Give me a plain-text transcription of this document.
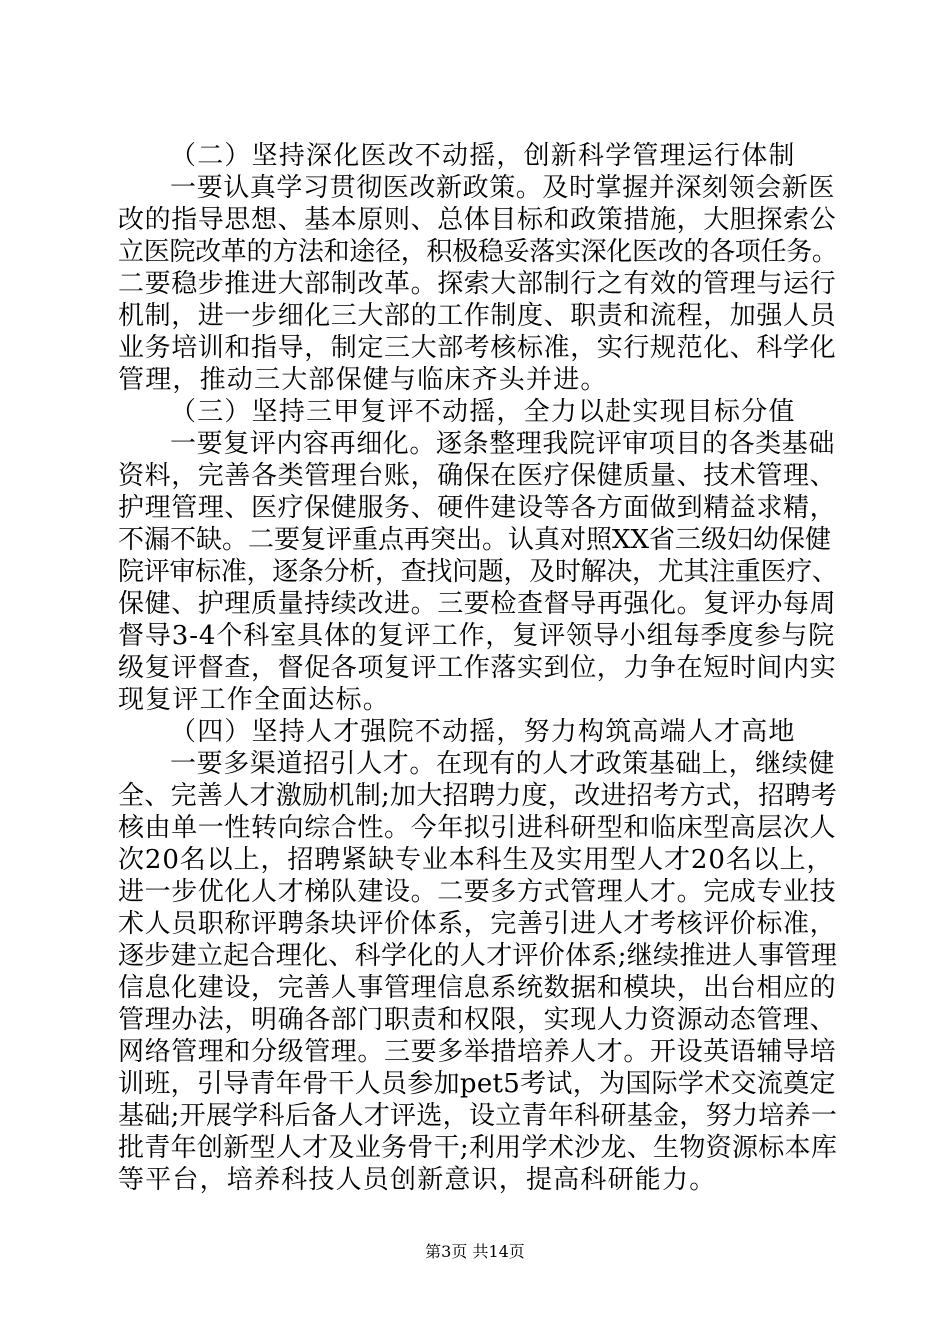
（二）坚持深化医改不动摇，创新科学管理运行体制
一要认真学习贯彻医改新政策。及时掌握并深刻领会新医
改的指导思想、基本原则、总体目标和政策措施，大胆探索公
立医院改革的方法和途径，积极稳妥落实深化医改的各项任务。
二要稳步推进大部制改革。探索大部制行之有效的管理与运行
机制，进一步细化三大部的工作制度、职责和流程，加强人员
业务培训和指导，制定三大部考核标准，实行规范化、科学化
管理，推动三大部保健与临床齐头并进。
（三）坚持三甲复评不动摇，全力以赴实现目标分值
一要复评内容再细化。逐条整理我院评审项目的各类基础
资料，完善各类管理台账，确保在医疗保健质量、技术管理、
护理管理、医疗保健服务、硬件建设等各方面做到精益求精，
不漏不缺。二要复评重点再突出。认真对照XX省三级妇幼保健
院评审标准，逐条分析，查找问题，及时解决，尤其注重医疗、
保健、护理质量持续改进。三要检查督导再强化。复评办每周
督导3-4个科室具体的复评工作，复评领导小组每季度参与院
级复评督查，督促各项复评工作落实到位，力争在短时间内实
现复评工作全面达标。
（四）坚持人才强院不动摇，努力构筑高端人才高地
一要多渠道招引人才。在现有的人才政策基础上，继续健
全、完善人才激励机制;加大招聘力度，改进招考方式，招聘考
核由单一性转向综合性。今年拟引进科研型和临床型高层次人
次20名以上，招聘紧缺专业本科生及实用型人才20名以上，
进一步优化人才梯队建设。二要多方式管理人才。完成专业技
术人员职称评聘条块评价体系，完善引进人才考核评价标准，
逐步建立起合理化、科学化的人才评价体系;继续推进人事管理
信息化建设，完善人事管理信息系统数据和模块，出台相应的
管理办法，明确各部门职责和权限，实现人力资源动态管理、
网络管理和分级管理。三要多举措培养人才。开设英语辅导培
训班，引导青年骨干人员参加pet5考试，为国际学术交流奠定
基础;开展学科后备人才评选，设立青年科研基金，努力培养一
批青年创新型人才及业务骨干;利用学术沙龙、生物资源标本库
等平台，培养科技人员创新意识，提高科研能力。
第3页 共14页
